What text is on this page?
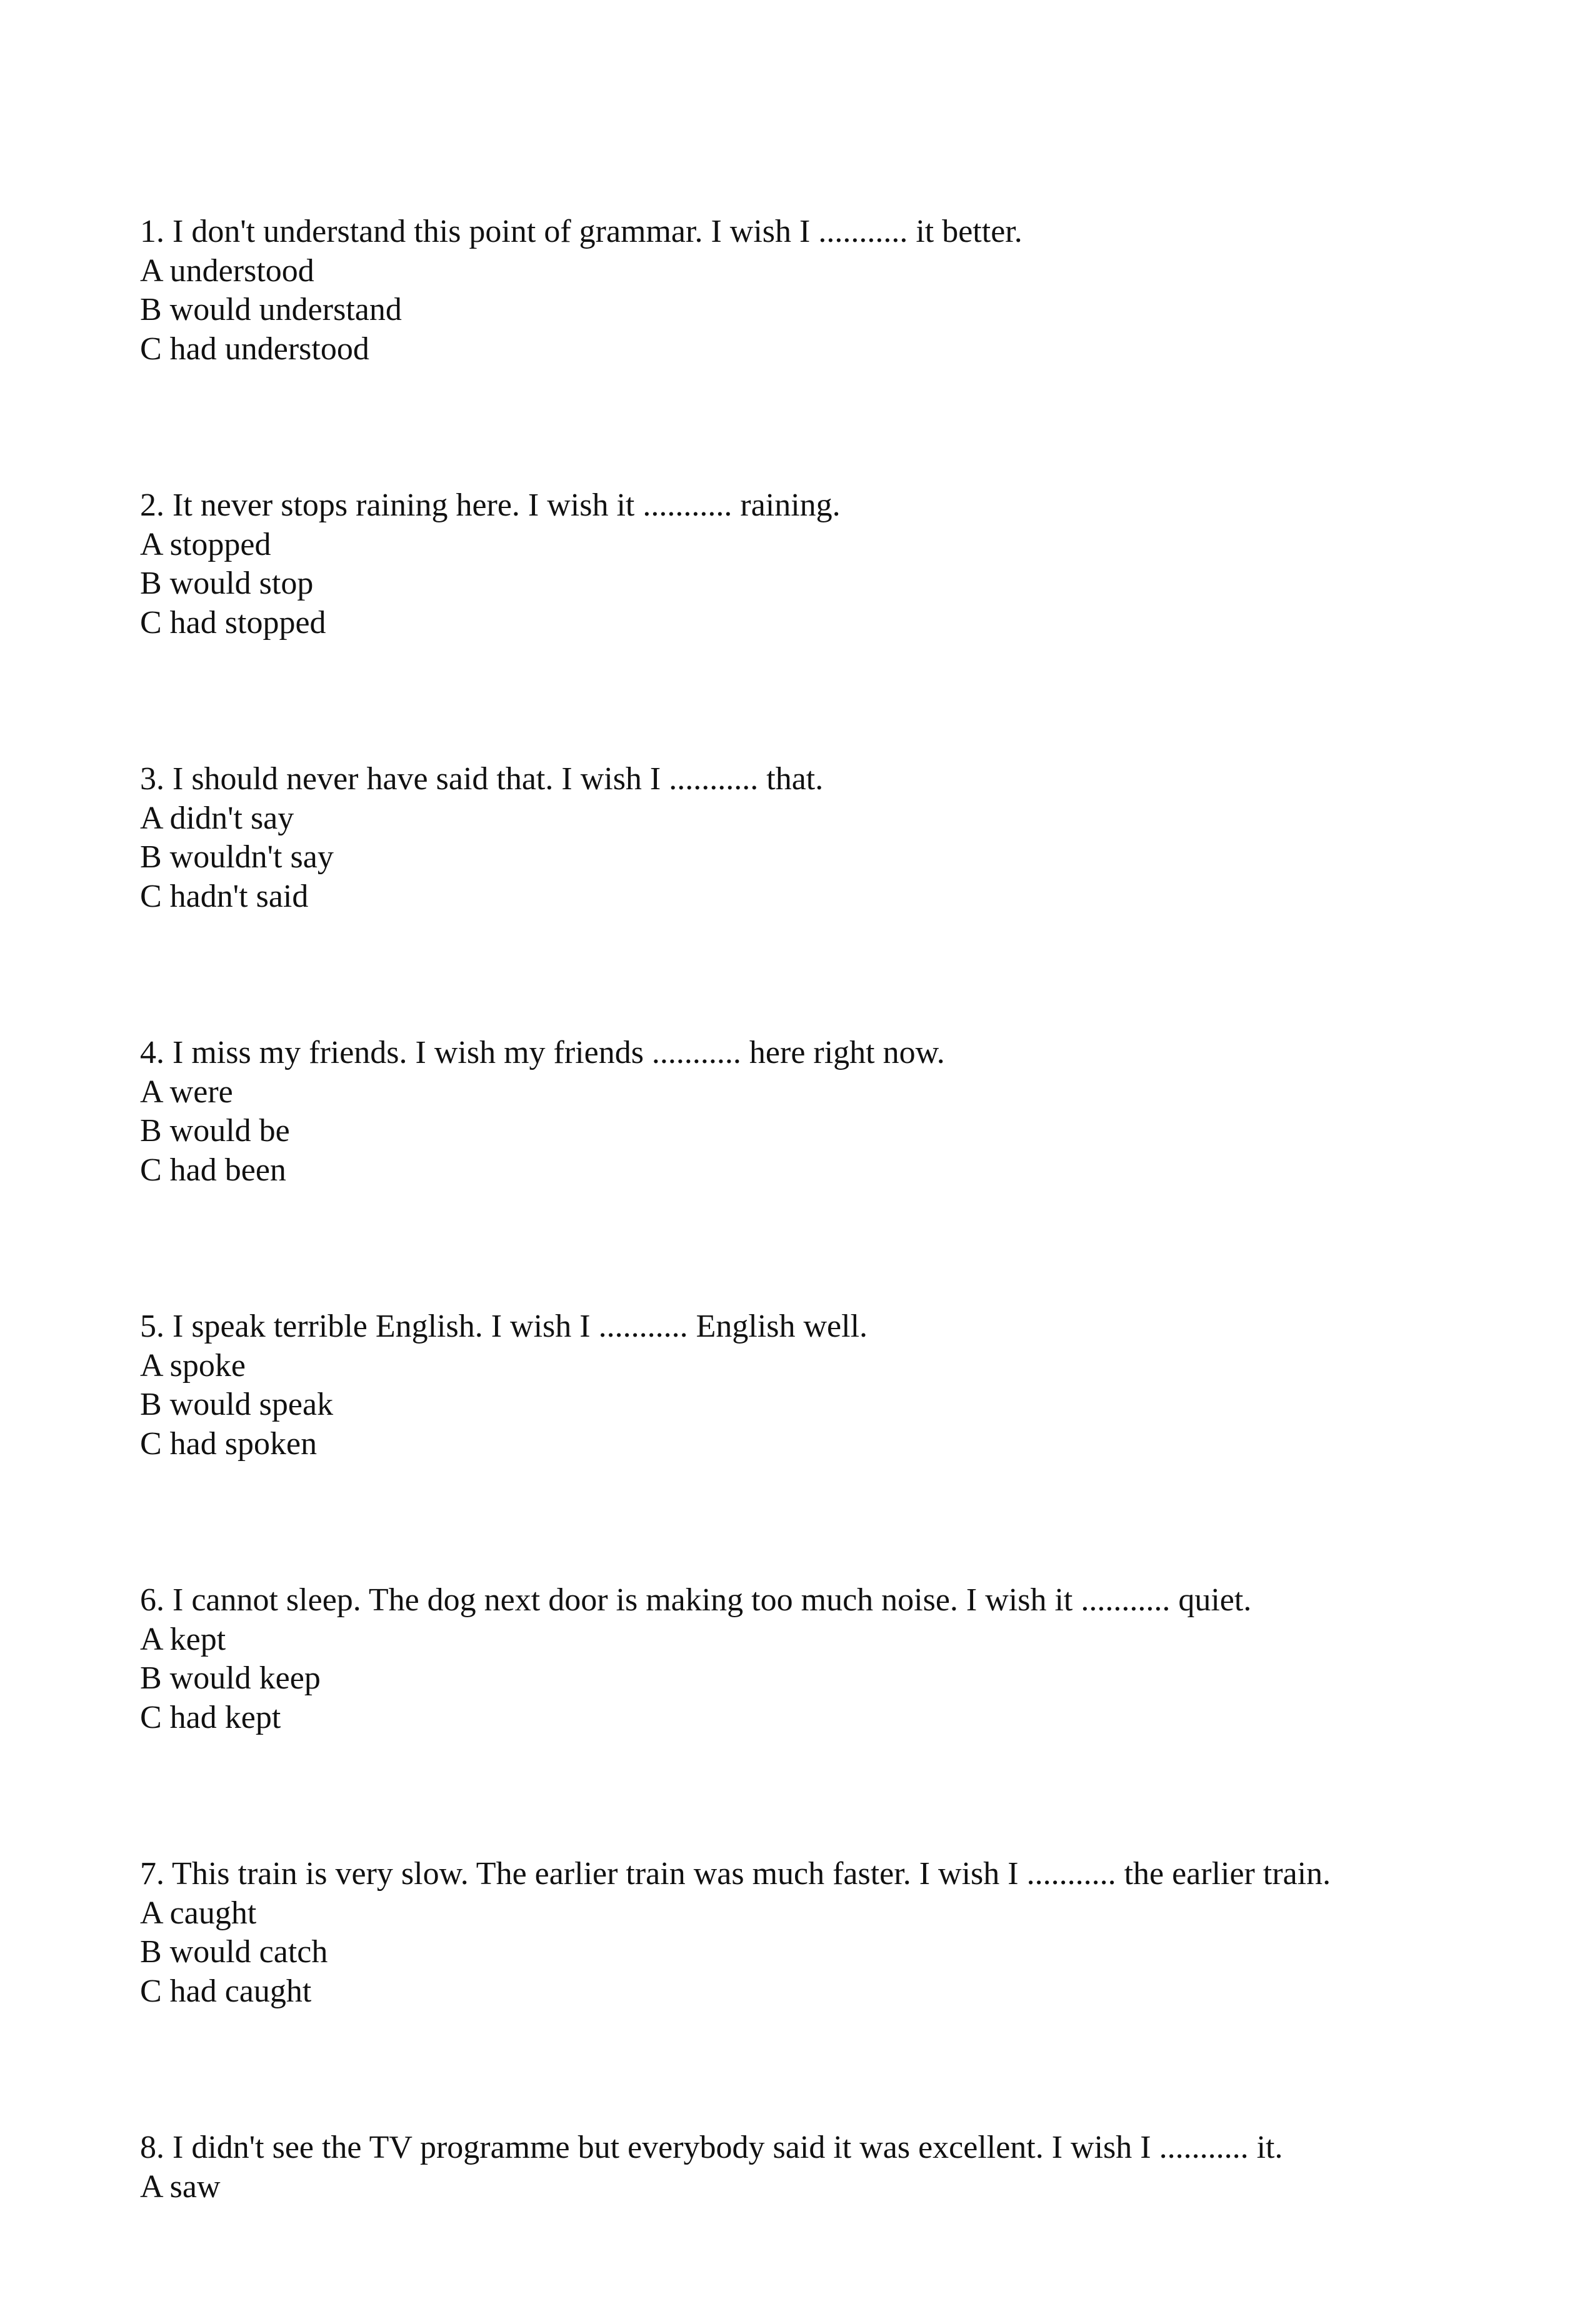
1. I don't understand this point of grammar. I wish I ........... it better.

A understood

B would understand

C had understood

2. It never stops raining here. I wish it ........... raining.

A stopped

B would stop

C had stopped

3. I should never have said that. I wish I ........... that.

A didn't say

B wouldn't say

C hadn't said

4. I miss my friends. I wish my friends ........... here right now.

A were

B would be

C had been

5. I speak terrible English. I wish I ........... English well.

A spoke

B would speak

C had spoken

6. I cannot sleep. The dog next door is making too much noise. I wish it ........... quiet.

A kept

B would keep

C had kept

7. This train is very slow. The earlier train was much faster. I wish I ........... the earlier train.

A caught

B would catch

C had caught

8. I didn't see the TV programme but everybody said it was excellent. I wish I ........... it.

A saw
